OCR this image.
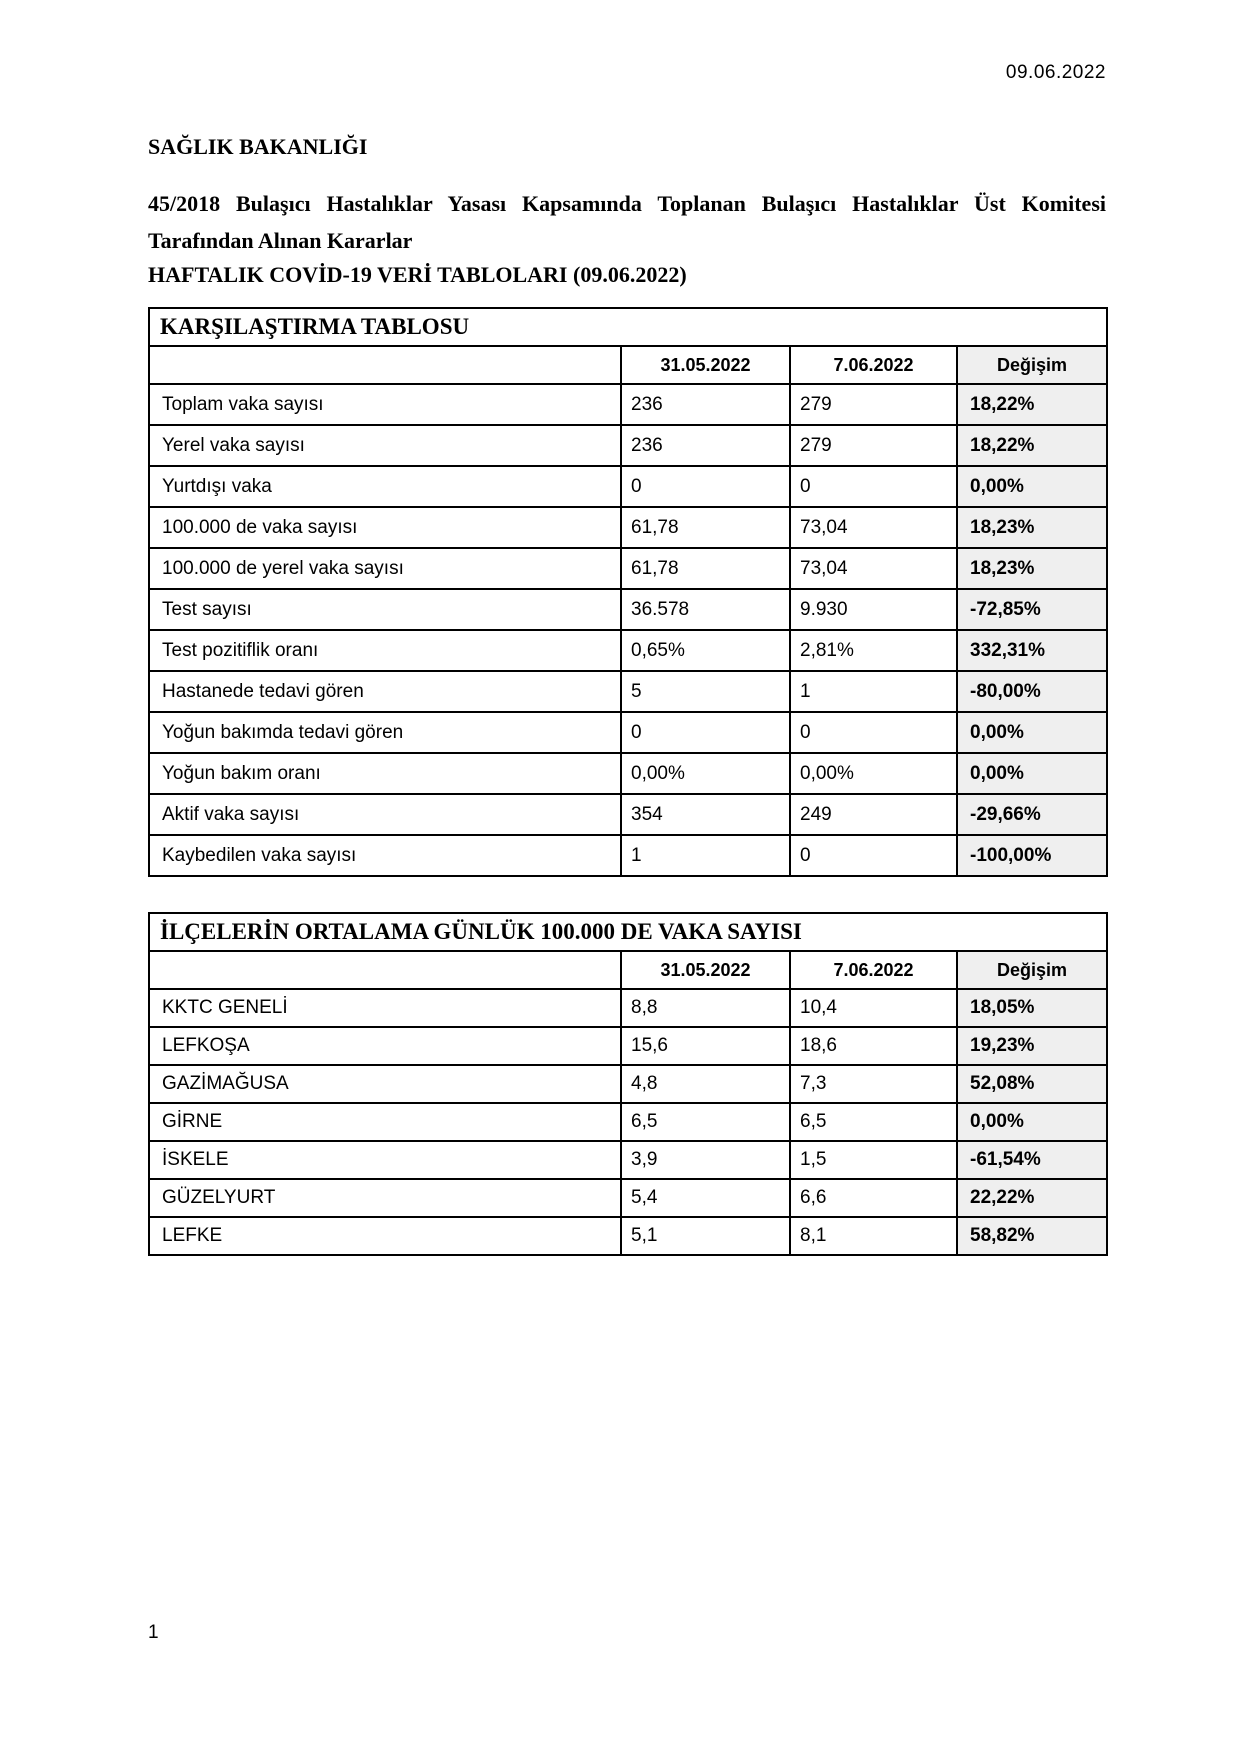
09.06.2022
SAĞLIK BAKANLIĞI
45/2018 Bulaşıcı Hastalıklar Yasası Kapsamında Toplanan Bulaşıcı Hastalıklar Üst Komitesi Tarafından Alınan Kararlar
HAFTALIK COVİD-19 VERİ TABLOLARI (09.06.2022)
KARŞILAŞTIRMA TABLOSU			
	31.05.2022	7.06.2022	Değişim
Toplam vaka sayısı	236	279	18,22%
Yerel vaka sayısı	236	279	18,22%
Yurtdışı vaka	0	0	0,00%
100.000 de vaka sayısı	61,78	73,04	18,23%
100.000 de yerel vaka sayısı	61,78	73,04	18,23%
Test sayısı	36.578	9.930	-72,85%
Test pozitiflik oranı	0,65%	2,81%	332,31%
Hastanede tedavi gören	5	1	-80,00%
Yoğun bakımda tedavi gören	0	0	0,00%
Yoğun bakım oranı	0,00%	0,00%	0,00%
Aktif vaka sayısı	354	249	-29,66%
Kaybedilen vaka sayısı	1	0	-100,00%
İLÇELERİN ORTALAMA GÜNLÜK 100.000 DE VAKA SAYISI			
	31.05.2022	7.06.2022	Değişim
KKTC GENELİ	8,8	10,4	18,05%
LEFKOŞA	15,6	18,6	19,23%
GAZİMAĞUSA	4,8	7,3	52,08%
GİRNE	6,5	6,5	0,00%
İSKELE	3,9	1,5	-61,54%
GÜZELYURT	5,4	6,6	22,22%
LEFKE	5,1	8,1	58,82%
1
